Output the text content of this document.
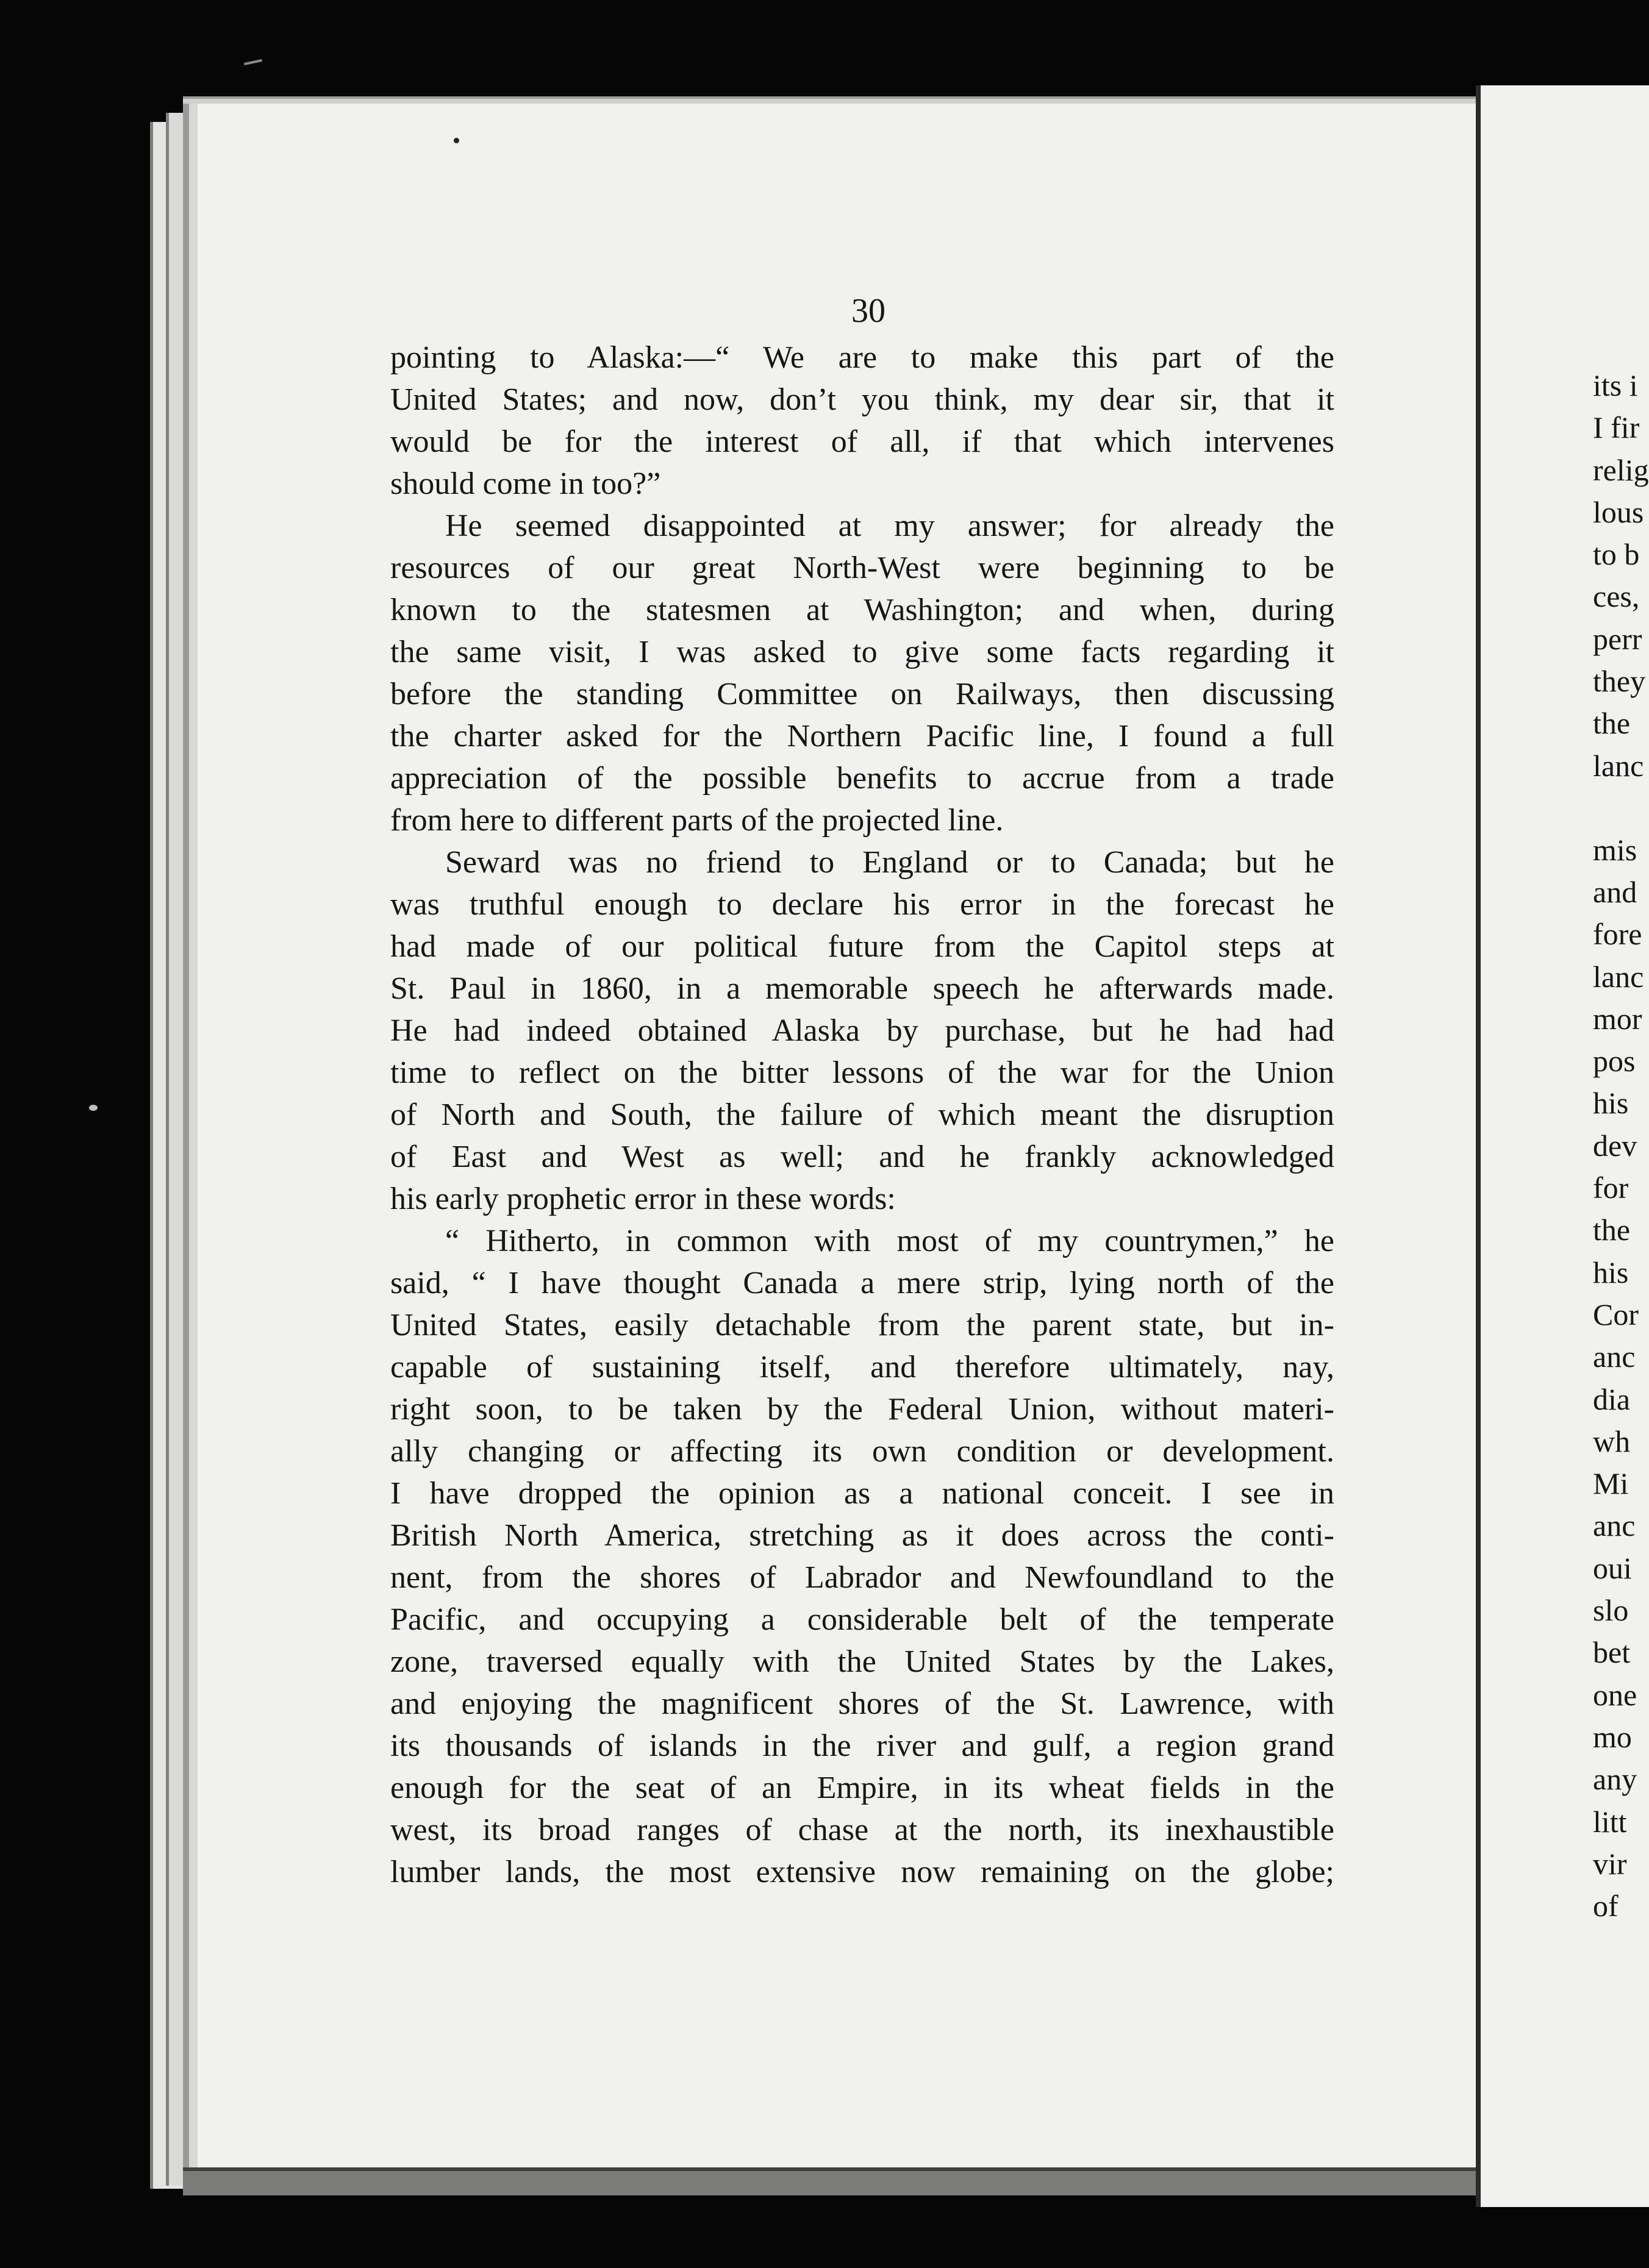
30
pointing to Alaska:—“ We are to make this part of the
United States; and now, don’t you think, my dear sir, that it
would be for the interest of all, if that which intervenes
should come in too?”
He seemed disappointed at my answer; for already the
resources of our great North-West were beginning to be
known to the statesmen at Washington; and when, during
the same visit, I was asked to give some facts regarding it
before the standing Committee on Railways, then discussing
the charter asked for the Northern Pacific line, I found a full
appreciation of the possible benefits to accrue from a trade
from here to different parts of the projected line.
Seward was no friend to England or to Canada; but he
was truthful enough to declare his error in the forecast he
had made of our political future from the Capitol steps at
St. Paul in 1860, in a memorable speech he afterwards made.
He had indeed obtained Alaska by purchase, but he had had
time to reflect on the bitter lessons of the war for the Union
of North and South, the failure of which meant the disruption
of East and West as well; and he frankly acknowledged
his early prophetic error in these words:
“ Hitherto, in common with most of my countrymen,” he
said, “ I have thought Canada a mere strip, lying north of the
United States, easily detachable from the parent state, but in-
capable of sustaining itself, and therefore ultimately, nay,
right soon, to be taken by the Federal Union, without materi-
ally changing or affecting its own condition or development.
I have dropped the opinion as a national conceit. I see in
British North America, stretching as it does across the conti-
nent, from the shores of Labrador and Newfoundland to the
Pacific, and occupying a considerable belt of the temperate
zone, traversed equally with the United States by the Lakes,
and enjoying the magnificent shores of the St. Lawrence, with
its thousands of islands in the river and gulf, a region grand
enough for the seat of an Empire, in its wheat fields in the
west, its broad ranges of chase at the north, its inexhaustible
lumber lands, the most extensive now remaining on the globe;
its i
I fir
relig
lous
to b
ces,
perr
they
the
lanc
mis
and
fore
lanc
mor
pos
his
dev
for
the
his
Cor
anc
dia
wh
Mi
anc
oui
slo
bet
one
mo
any
litt
vir
of
